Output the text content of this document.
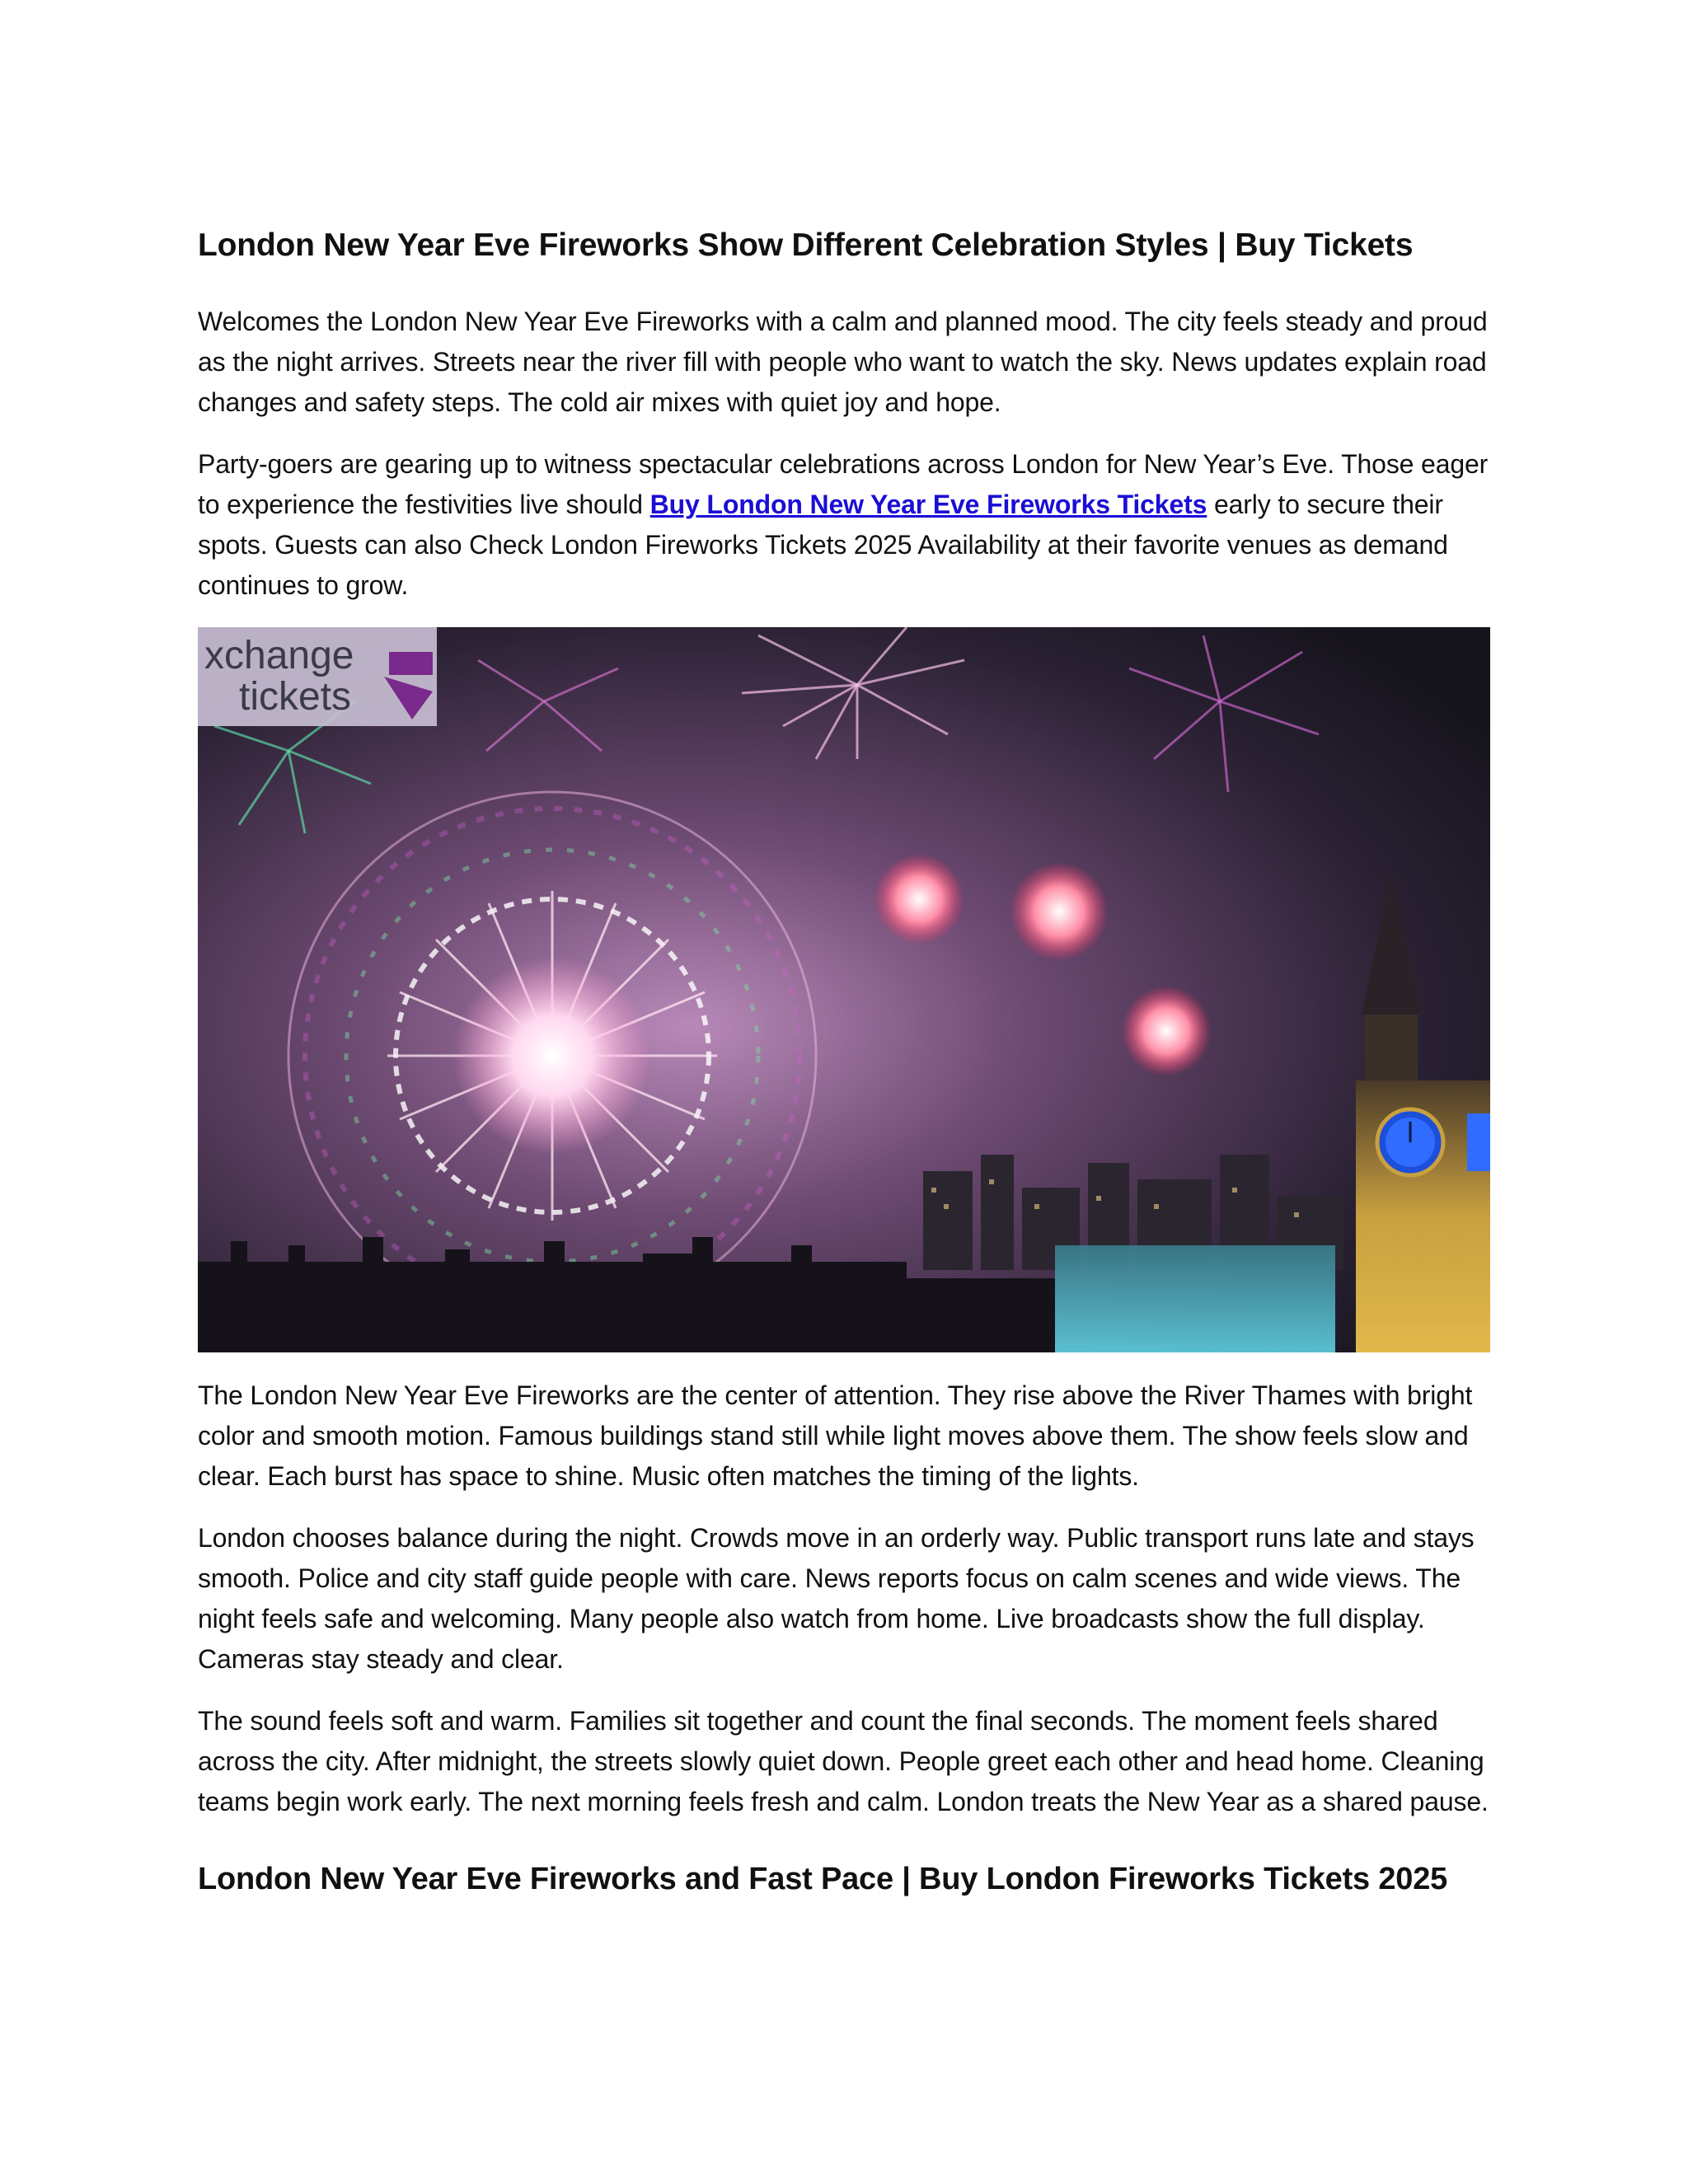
London New Year Eve Fireworks Show Different Celebration Styles | Buy Tickets

Welcomes the London New Year Eve Fireworks with a calm and planned mood. The city feels steady and proud as the night arrives. Streets near the river fill with people who want to watch the sky. News updates explain road changes and safety steps. The cold air mixes with quiet joy and hope.

Party-goers are gearing up to witness spectacular celebrations across London for New Year’s Eve. Those eager to experience the festivities live should Buy London New Year Eve Fireworks Tickets early to secure their spots. Guests can also Check London Fireworks Tickets 2025 Availability at their favorite venues as demand continues to grow.

xchange
tickets

The London New Year Eve Fireworks are the center of attention. They rise above the River Thames with bright color and smooth motion. Famous buildings stand still while light moves above them. The show feels slow and clear. Each burst has space to shine. Music often matches the timing of the lights.

London chooses balance during the night. Crowds move in an orderly way. Public transport runs late and stays smooth. Police and city staff guide people with care. News reports focus on calm scenes and wide views. The night feels safe and welcoming. Many people also watch from home. Live broadcasts show the full display. Cameras stay steady and clear.

The sound feels soft and warm. Families sit together and count the final seconds. The moment feels shared across the city. After midnight, the streets slowly quiet down. People greet each other and head home. Cleaning teams begin work early. The next morning feels fresh and calm. London treats the New Year as a shared pause.

London New Year Eve Fireworks and Fast Pace | Buy London Fireworks Tickets 2025
